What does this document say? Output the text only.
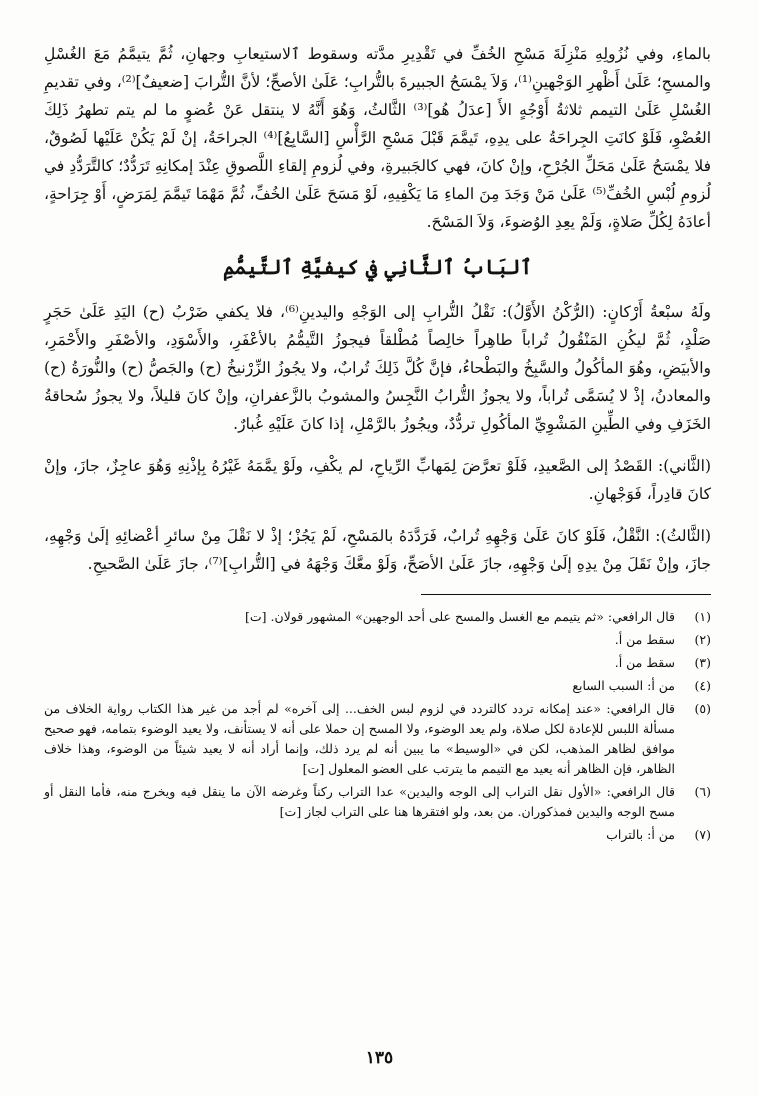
بالماءِ، وفي نُزُولِهِ مَنْزِلَةَ مَسْحِ الخُفِّ في تَقْدِيرِ مدَّته وسقوط ٱلاستيعابِ وجهانِ، ثُمَّ يتيمَّمُ مَعَ الغُسْلِ والمسحِ؛ عَلَىٰ أَظْهرِ الوَجْهينِ⁽¹⁾، وَلاَ يمْسَحُ الجبيرةَ بالتُّرابِ؛ عَلَىٰ الأصحِّ؛ لأنَّ التُّرابَ [ضعيفٌ]⁽²⁾، وفي تقديمِ الغُسْلِ عَلَىٰ التيمم ثلاثةُ أَوْجُهٍ الأَ [عدَلُ هُو]⁽³⁾ الثَّالثُ، وَهُوَ أَنَّهُ لا ينتقل عَنْ عُضوٍ ما لم يتم تطهرُ ذَلِكَ العُضْوِ، فَلَوْ كانَتِ الجِراحَةُ على يدِهِ، تَيمَّمَ قَبْلَ مَسْحِ الرَّأْسِ [السَّابِعُ]⁽⁴⁾ الجراحَةُ، إنْ لَمْ يَكُنْ عَلَيْها لَصُوقٌ، فلا يمْسَحُ عَلَىٰ مَحَلِّ الجُرْحِ، وإنْ كانَ، فهي كالجَبيرةِ، وفي لُزومِ إلقاءِ اللَّصوقِ عِنْدَ إمكانِهِ تَرَدُّدٌ؛ كالتَّرَدُّدِ في لُزومِ لُبْسِ الخُفِّ⁽⁵⁾ عَلَىٰ مَنْ وَجَدَ مِنَ الماءِ مَا يَكْفِيهِ، لَوْ مَسَحَ عَلَىٰ الخُفِّ، ثُمَّ مَهْمَا تَيمَّمَ لِمَرَضٍ، أَوْ جِرَاحةٍ، أعادَهُ لِكُلِّ صَلاةٍ، وَلَمْ يعِدِ الوُضوءَ، وَلاَ المَسْحَ.

ٱلبَابُ ٱلثَّانِي في كيفيَّةِ ٱلتَّيمُّمِ

ولَهُ سبْعةُ أَرْكانٍ: (الرُّكْنُ الأَوَّلُ): نَقْلُ التُّرابِ إلى الوَجْهِ واليدينِ⁽⁶⁾، فلا يكفي ضَرْبُ (ح) اليَدِ عَلَىٰ حَجَرٍ صَلْدٍ، ثُمَّ ليكُنِ المَنْقُولُ تُراباً طاهِراً خالِصاً مُطْلقاً فيجوزُ التَّيمُّمُ بالأعْفَرِ، والأَسْوَدِ، والأصْفَرِ والأَحْمَرِ، والأبيَضِ، وهُوَ المأكُولُ والسَّبِخُ والبَطْحاءُ، فإنَّ كُلَّ ذَلِكَ تُرابٌ، ولا يجُوزُ الزِّرْنيخُ (ح) والجَصُّ (ح) والنُّورَةُ (ح) والمعادنُ، إذْ لا يُسَمَّى تُراباً، ولا يجوزُ التُّرابُ النَّجِسُ والمشوبُ بالزَّعفرانِ، وإنْ كانَ قليلاً، ولا يجوزُ سُحاقةُ الخَزَفِ وفي الطِّينِ المَشْوِيِّ المأكُولِ تردُّدٌ، ويجُوزُ بالرَّمْلِ، إذا كانَ عَلَيْهِ غُبارٌ.

(الثَّاني): القَصْدُ إلى الصَّعيدِ، فَلَوْ تعرَّضَ لِمَهابِّ الرِّياحِ، لم يكْفِ، ولَوْ يمَّمَهُ غَيْرُهُ بِإذْنِهِ وَهُوَ عاجِزٌ، جازَ، وإنْ كانَ قادِراً، فَوَجْهانِ.

(الثَّالثُ): النَّقْلُ، فَلَوْ كانَ عَلَىٰ وَجْهِهِ تُرابٌ، فَرَدَّدَهُ بالمَسْحِ، لَمْ يَجُزْ؛ إذْ لا نَقْلَ مِنْ سائرِ أعْضائِهِ إلَىٰ وَجْهِهِ، جازَ، وإنْ نَقَلَ مِنْ يدِهِ إلَىٰ وَجْهِهِ، جازَ عَلَىٰ الأصَحِّ، وَلَوْ معَّكَ وَجْهَهُ في [التُّرابِ]⁽⁷⁾، جازَ عَلَىٰ الصَّحيحِ.

(١)
قال الرافعي: «ثم يتيمم مع الغسل والمسح على أحد الوجهين» المشهور قولان. [ت]
(٢)
سقط من أ.
(٣)
سقط من أ.
(٤)
من أ: السبب السابع
(٥)
قال الرافعي: «عند إمكانه تردد كالتردد في لزوم لبس الخف... إلى آخره» لم أجد من غير هذا الكتاب رواية الخلاف من مسألة اللبس للإعادة لكل صلاة، ولم يعد الوضوء، ولا المسح إن حملا على أنه لا يستأنف، ولا يعيد الوضوء بتمامه، فهو صحيح موافق لظاهر المذهب، لكن في «الوسيط» ما يبين أنه لم يرد ذلك، وإنما أراد أنه لا يعيد شيئاً من الوضوء، وهذا خلاف الظاهر، فإن الظاهر أنه يعيد مع التيمم ما يترتب على العضو المعلول [ت]
(٦)
قال الرافعي: «الأول نقل التراب إلى الوجه واليدين» عدا التراب ركناً وغرضه الآن ما ينقل فيه ويخرج منه، فأما النقل أو مسح الوجه واليدين فمذكوران. من بعد، ولو افتقرها هنا على التراب لجاز [ت]
(٧)
من أ: بالتراب
١٣٥
